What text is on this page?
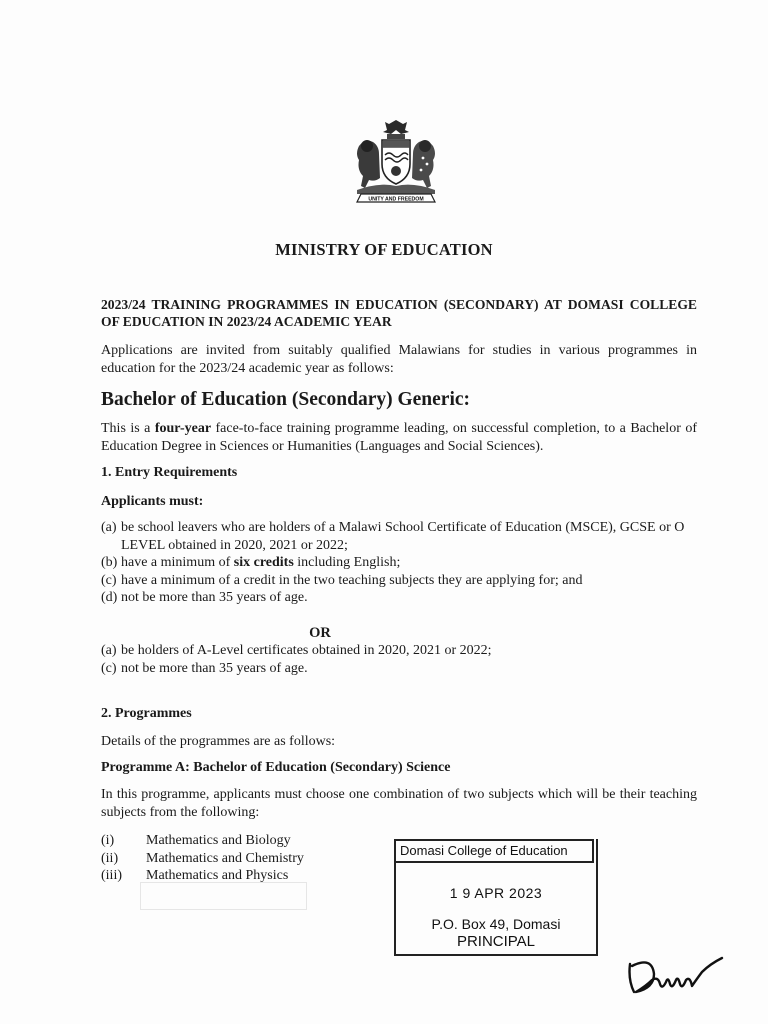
UNITY AND FREEDOM
MINISTRY OF EDUCATION
2023/24 TRAINING PROGRAMMES IN EDUCATION (SECONDARY) AT DOMASI COLLEGE OF EDUCATION IN 2023/24 ACADEMIC YEAR
Applications are invited from suitably qualified Malawians for studies in various programmes in education for the 2023/24 academic year as follows:
Bachelor of Education (Secondary) Generic:
This is a four-year face-to-face training programme leading, on successful completion, to a Bachelor of Education Degree in Sciences or Humanities (Languages and Social Sciences).
1. Entry Requirements
Applicants must:
(a) be school leavers who are holders of a Malawi School Certificate of Education (MSCE), GCSE or O LEVEL obtained in 2020, 2021 or 2022;
(b) have a minimum of six credits including English;
(c) have a minimum of a credit in the two teaching subjects they are applying for; and
(d) not be more than 35 years of age.
OR
(a) be holders of A-Level certificates obtained in 2020, 2021 or 2022;
(c) not be more than 35 years of age.
2. Programmes
Details of the programmes are as follows:
Programme A: Bachelor of Education (Secondary) Science
In this programme, applicants must choose one combination of two subjects which will be their teaching subjects from the following:
(i)	Mathematics and Biology
(ii)	Mathematics and Chemistry
(iii)	Mathematics and Physics
Domasi College of Education
1 9 APR 2023
P.O. Box 49, Domasi
PRINCIPAL
